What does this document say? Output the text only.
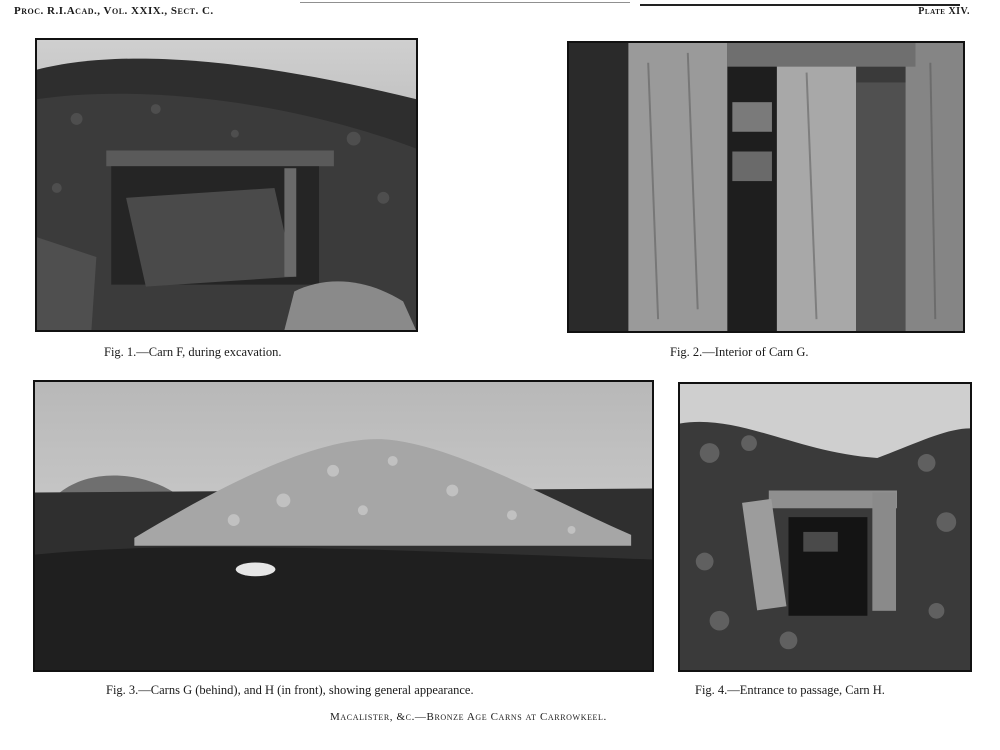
Proc. R.I.Acad., Vol. XXIX., Sect. C.	Plate XIV.
Fig. 1.—Carn F, during excavation.	Fig. 2.—Interior of Carn G.
Fig. 3.—Carns G (behind), and H (in front), showing general appearance.	Fig. 4.—Entrance to passage, Carn H.
Macalister, &c.—Bronze Age Carns at Carrowkeel.
